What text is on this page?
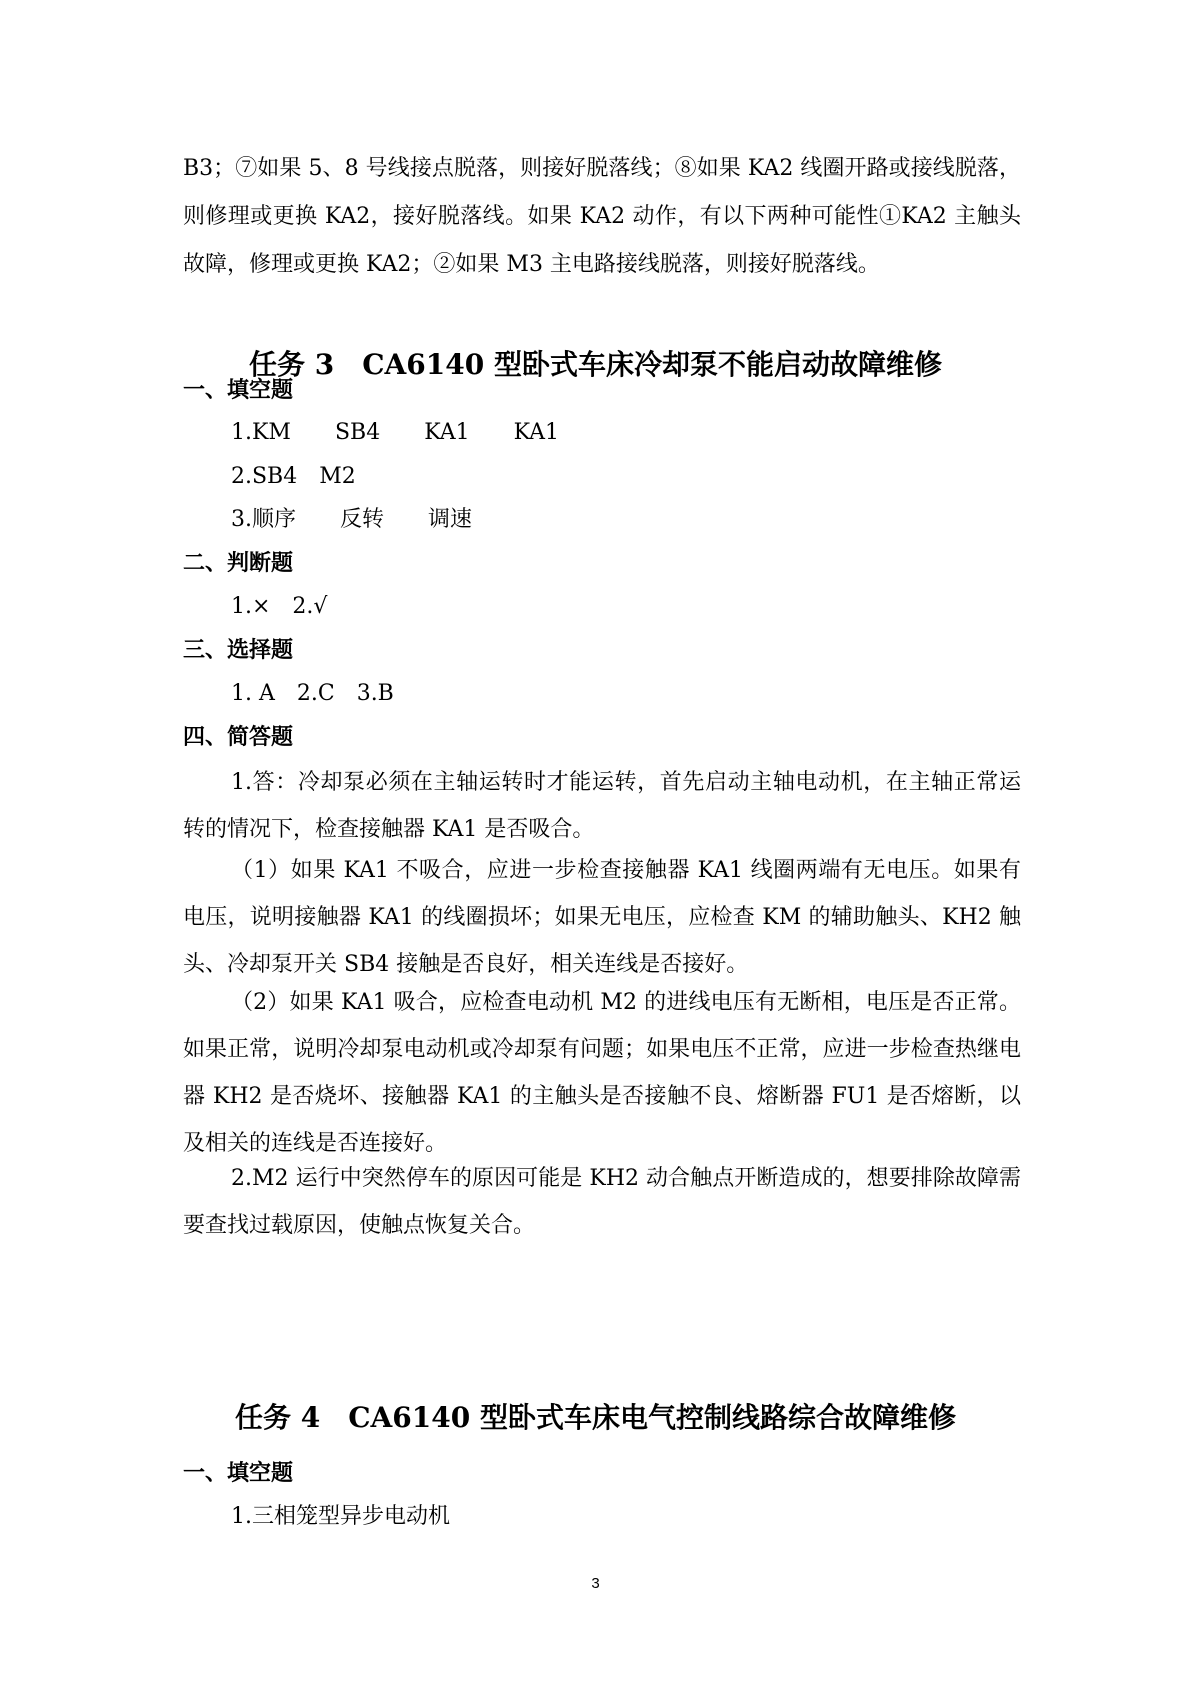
B3；⑦如果 5、8 号线接点脱落，则接好脱落线；⑧如果 KA2 线圈开路或接线脱落，则修理或更换 KA2，接好脱落线。如果 KA2 动作，有以下两种可能性①KA2 主触头故障，修理或更换 KA2；②如果 M3 主电路接线脱落，则接好脱落线。

任务 3　CA6140 型卧式车床冷却泵不能启动故障维修
一、填空题
1.KM　　SB4　　KA1　　KA1
2.SB4　M2
3.顺序　　反转　　调速
二、判断题
1.×　2.√
三、选择题
1. A　2.C　3.B
四、简答题

1.答：冷却泵必须在主轴运转时才能运转，首先启动主轴电动机，在主轴正常运转的情况下，检查接触器 KA1 是否吸合。

（1）如果 KA1 不吸合，应进一步检查接触器 KA1 线圈两端有无电压。如果有电压，说明接触器 KA1 的线圈损坏；如果无电压，应检查 KM 的辅助触头、KH2 触头、冷却泵开关 SB4 接触是否良好，相关连线是否接好。

（2）如果 KA1 吸合，应检查电动机 M2 的进线电压有无断相，电压是否正常。如果正常，说明冷却泵电动机或冷却泵有问题；如果电压不正常，应进一步检查热继电器 KH2 是否烧坏、接触器 KA1 的主触头是否接触不良、熔断器 FU1 是否熔断，以及相关的连线是否连接好。

2.M2 运行中突然停车的原因可能是 KH2 动合触点开断造成的，想要排除故障需要查找过载原因，使触点恢复关合。

任务 4　CA6140 型卧式车床电气控制线路综合故障维修
一、填空题
1.三相笼型异步电动机
3
